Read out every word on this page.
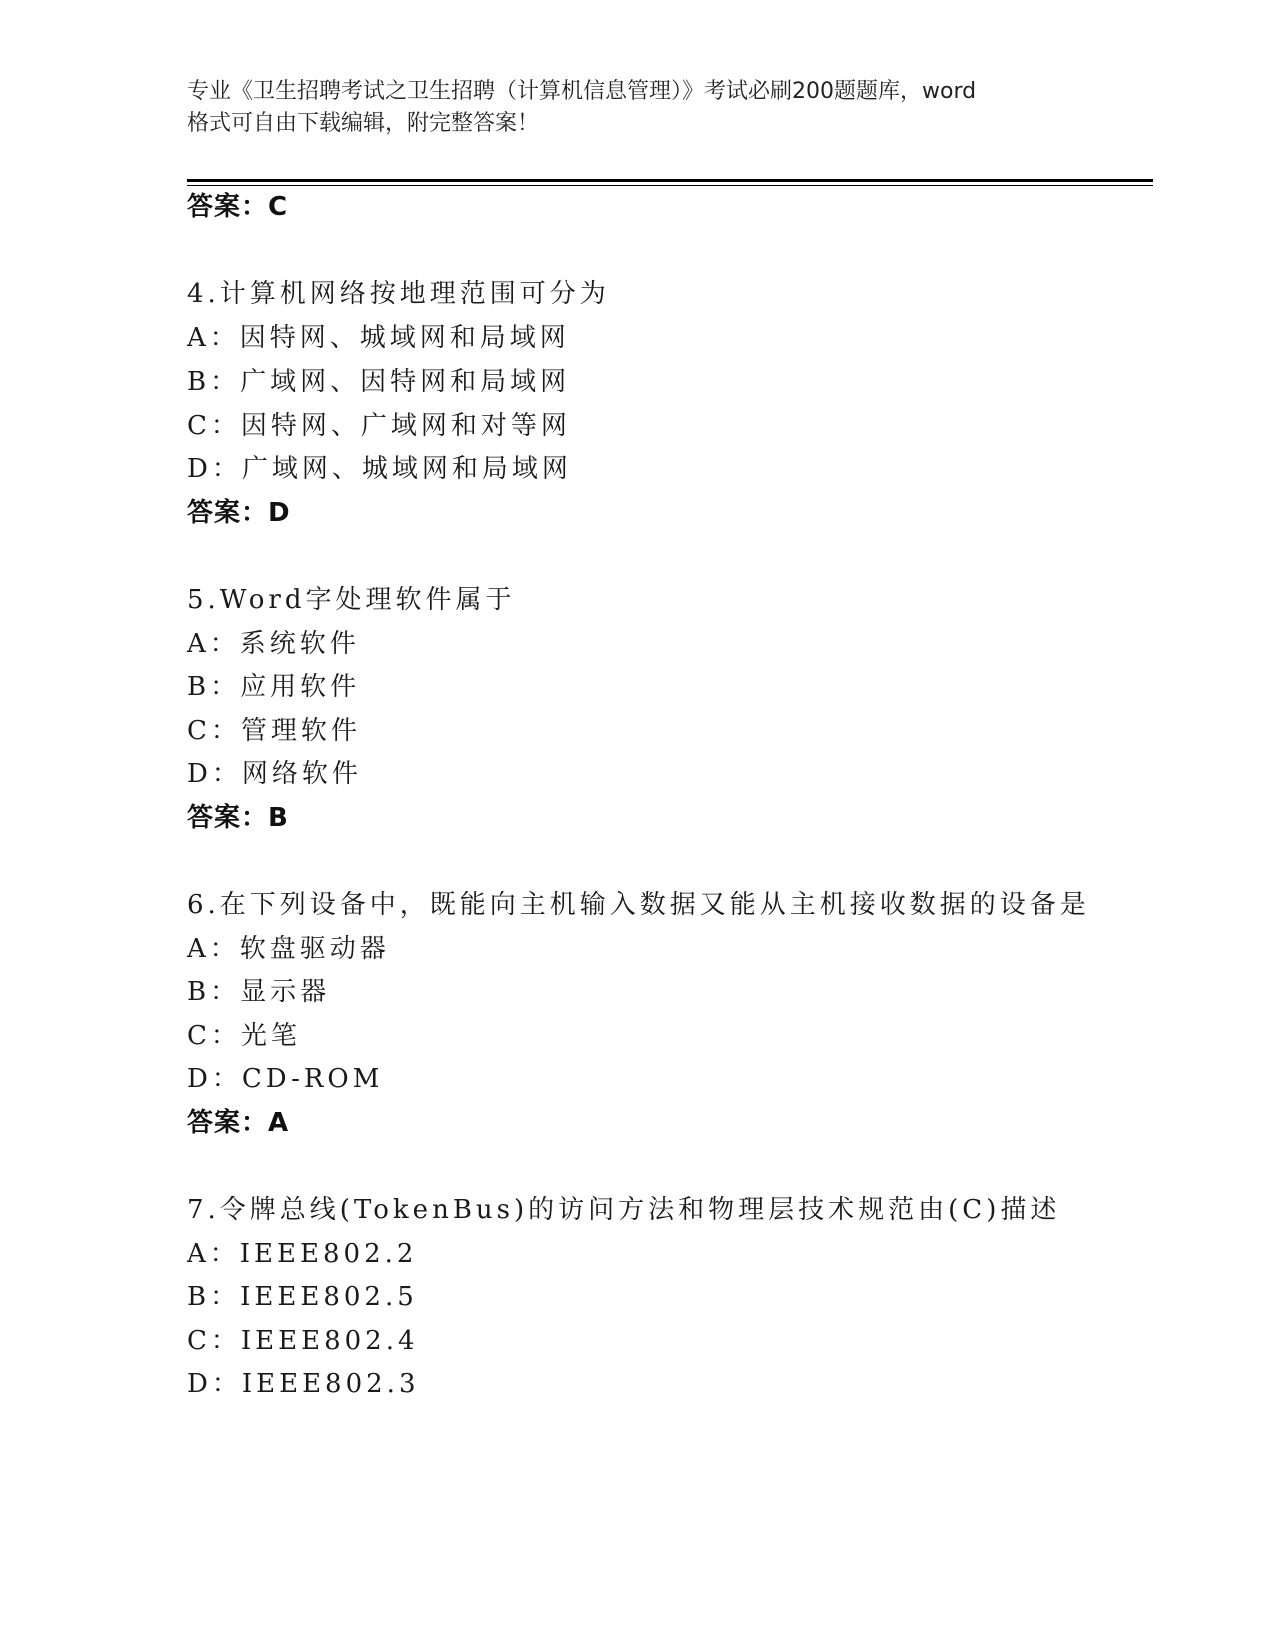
专业《卫生招聘考试之卫生招聘（计算机信息管理）》考试必刷200题题库，word
格式可自由下载编辑，附完整答案！
答案：C
4.计算机网络按地理范围可分为
A：因特网、城域网和局域网
B：广域网、因特网和局域网
C：因特网、广域网和对等网
D：广域网、城域网和局域网
答案：D
5.Word字处理软件属于
A：系统软件
B：应用软件
C：管理软件
D：网络软件
答案：B
6.在下列设备中，既能向主机输入数据又能从主机接收数据的设备是
A：软盘驱动器
B：显示器
C：光笔
D：CD-ROM
答案：A
7.令牌总线(TokenBus)的访问方法和物理层技术规范由(C)描述
A：IEEE802.2
B：IEEE802.5
C：IEEE802.4
D：IEEE802.3
